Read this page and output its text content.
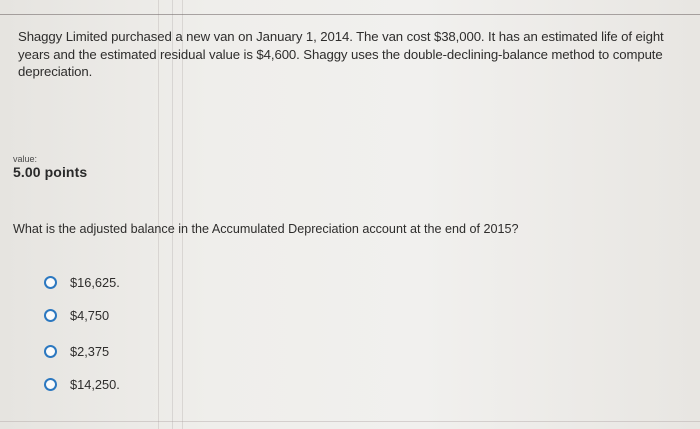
Shaggy Limited purchased a new van on January 1, 2014. The van cost $38,000. It has an estimated life of eight years and the estimated residual value is $4,600. Shaggy uses the double-declining-balance method to compute depreciation.
value:
5.00 points
What is the adjusted balance in the Accumulated Depreciation account at the end of 2015?
$16,625.
$4,750
$2,375
$14,250.
